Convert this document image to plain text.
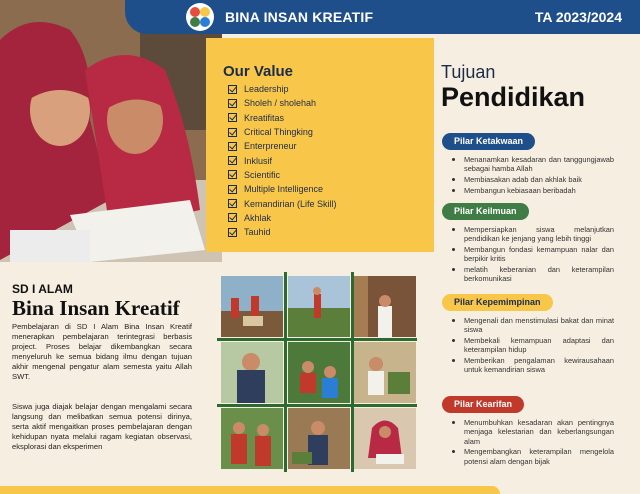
BINA INSAN KREATIF	TA 2023/2024
Our Value
Leadership
Sholeh / sholehah
Kreatifitas
Critical Thingking
Enterpreneur
Inklusif
Scientific
Multiple Intelligence
Kemandirian (Life Skill)
Akhlak
Tauhid
Tujuan
Pendidikan
Pilar Ketakwaan
Menanamkan kesadaran dan tanggungjawab sebagai hamba Allah
Membiasakan adab dan akhlak baik
Membangun kebiasaan beribadah
Pilar Keilmuan
Mempersiapkan siswa melanjutkan pendidikan ke jenjang yang lebih tinggi
Membangun fondasi kemampuan nalar dan berpikir kritis
melatih keberanian dan keterampilan berkomunikasi
Pilar Kepemimpinan
Mengenali dan menstimulasi bakat dan minat siswa
Membekali kemampuan adaptasi dan keterampilan hidup
Memberikan pengalaman kewirausahaan untuk kemandirian siswa
Pilar Kearifan
Menumbuhkan kesadaran akan pentingnya menjaga kelestarian dan keberlangsungan alam
Mengembangkan keterampilan mengelola potensi alam dengan bijak
SD I ALAM
Bina Insan Kreatif

Pembelajaran di SD I Alam Bina Insan Kreatif menerapkan pembelajaran terintegrasi berbasis project. Proses belajar dikembangkan secara menyeluruh ke semua bidang ilmu dengan tujuan akhir mengenal pengatur alam semesta yaitu Allah SWT.

Siswa juga diajak belajar dengan mengalami secara langsung dan melibatkan semua potensi dirinya, serta aktif mengaitkan proses pembelajaran dengan kehidupan nyata melalui ragam kegiatan observasi, eksplorasi dan eksperimen
